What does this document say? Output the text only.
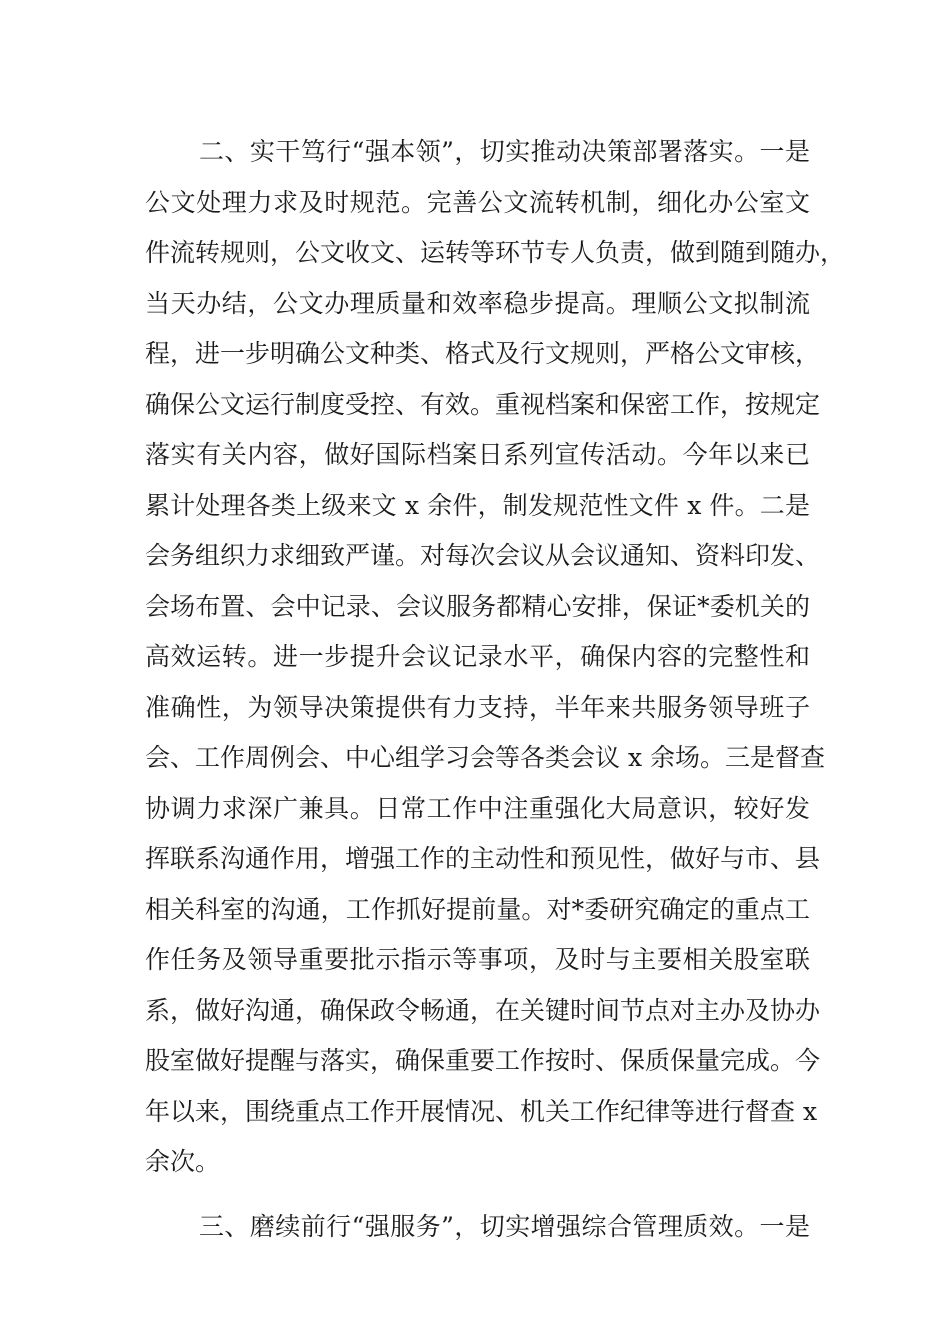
二、实干笃行“强本领”，切实推动决策部署落实。一是
公文处理力求及时规范。完善公文流转机制，细化办公室文
件流转规则，公文收文、运转等环节专人负责，做到随到随办，
当天办结，公文办理质量和效率稳步提高。理顺公文拟制流
程，进一步明确公文种类、格式及行文规则，严格公文审核，
确保公文运行制度受控、有效。重视档案和保密工作，按规定
落实有关内容，做好国际档案日系列宣传活动。今年以来已
累计处理各类上级来文 x 余件，制发规范性文件 x 件。二是
会务组织力求细致严谨。对每次会议从会议通知、资料印发、
会场布置、会中记录、会议服务都精心安排，保证*委机关的
高效运转。进一步提升会议记录水平，确保内容的完整性和
准确性，为领导决策提供有力支持，半年来共服务领导班子
会、工作周例会、中心组学习会等各类会议 x 余场。三是督查
协调力求深广兼具。日常工作中注重强化大局意识，较好发
挥联系沟通作用，增强工作的主动性和预见性，做好与市、县
相关科室的沟通，工作抓好提前量。对*委研究确定的重点工
作任务及领导重要批示指示等事项，及时与主要相关股室联
系，做好沟通，确保政令畅通，在关键时间节点对主办及协办
股室做好提醒与落实，确保重要工作按时、保质保量完成。今
年以来，围绕重点工作开展情况、机关工作纪律等进行督查 x
余次。
三、磨续前行“强服务”，切实增强综合管理质效。一是
